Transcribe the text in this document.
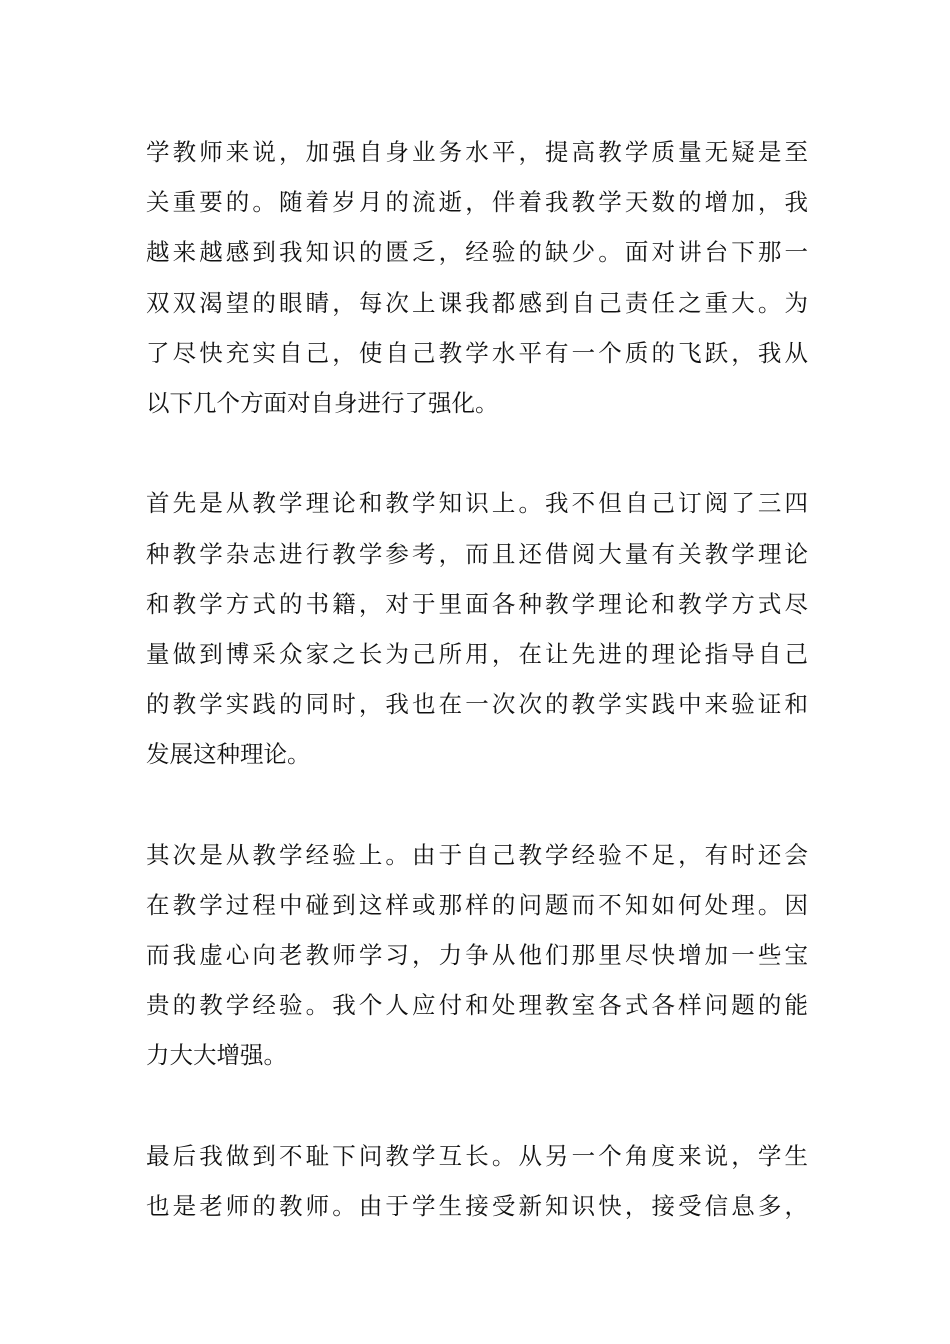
学教师来说，加强自身业务水平，提高教学质量无疑是至
关重要的。随着岁月的流逝，伴着我教学天数的增加，我
越来越感到我知识的匮乏，经验的缺少。面对讲台下那一
双双渴望的眼睛，每次上课我都感到自己责任之重大。为
了尽快充实自己，使自己教学水平有一个质的飞跃，我从
以下几个方面对自身进行了强化。
首先是从教学理论和教学知识上。我不但自己订阅了三四
种教学杂志进行教学参考，而且还借阅大量有关教学理论
和教学方式的书籍，对于里面各种教学理论和教学方式尽
量做到博采众家之长为己所用，在让先进的理论指导自己
的教学实践的同时，我也在一次次的教学实践中来验证和
发展这种理论。
其次是从教学经验上。由于自己教学经验不足，有时还会
在教学过程中碰到这样或那样的问题而不知如何处理。因
而我虚心向老教师学习，力争从他们那里尽快增加一些宝
贵的教学经验。我个人应付和处理教室各式各样问题的能
力大大增强。
最后我做到不耻下问教学互长。从另一个角度来说，学生
也是老师的教师。由于学生接受新知识快，接受信息多，
